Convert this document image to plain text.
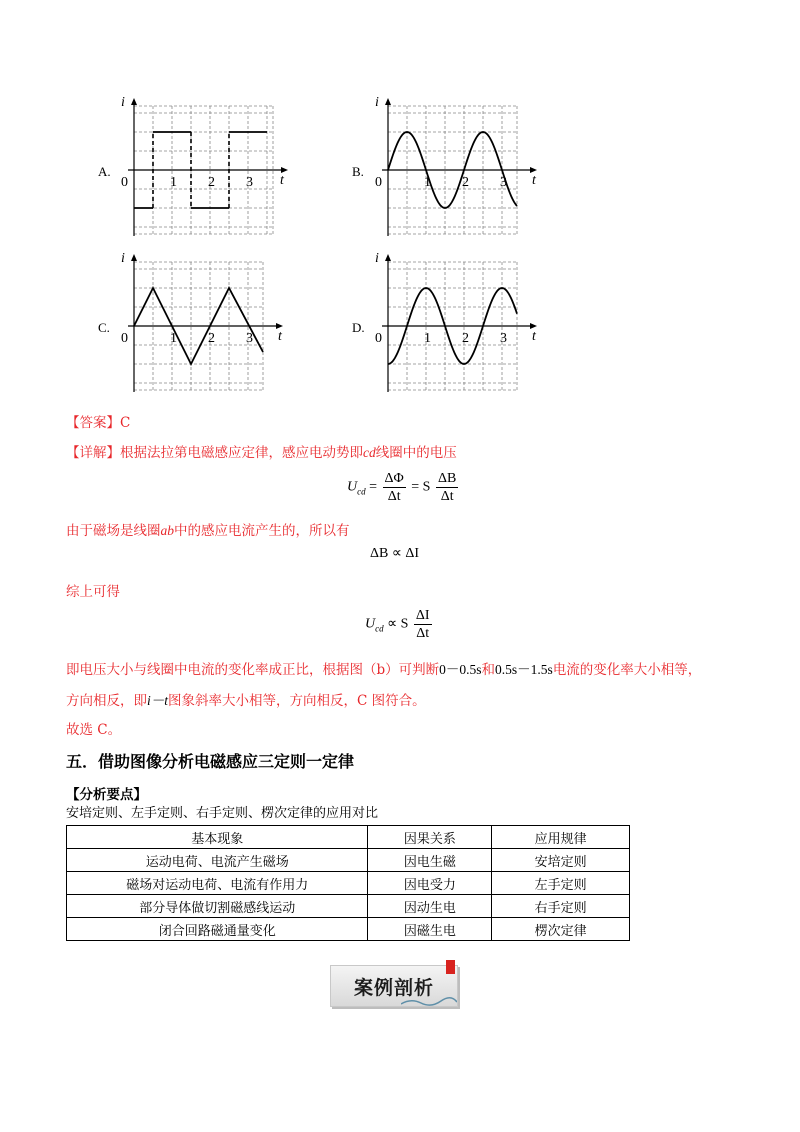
A.
i
t
0	1 2 3
B.
i
t
0	1 2 3
C.
i
t
0	1 2 3
D.
i
t
0	1 2 3
【答案】C
【详解】根据法拉第电磁感应定律，感应电动势即cd线圈中的电压
$U_{cd} = \frac{\Delta\Phi}{\Delta t} = S \frac{\Delta B}{\Delta t}$
由于磁场是线圈ab中的感应电流产生的，所以有
ΔB ∝ ΔI
综上可得
$U_{cd} \propto S \frac{\Delta I}{\Delta t}$
即电压大小与线圈中电流的变化率成正比，根据图（b）可判断0－0.5s和0.5s－1.5s电流的变化率大小相等，
方向相反，即i－t图象斜率大小相等，方向相反，C 图符合。
故选 C。
五．借助图像分析电磁感应三定则一定律
【分析要点】
安培定则、左手定则、右手定则、楞次定律的应用对比
基本现象	因果关系	应用规律
运动电荷、电流产生磁场	因电生磁	安培定则
磁场对运动电荷、电流有作用力	因电受力	左手定则
部分导体做切割磁感线运动	因动生电	右手定则
闭合回路磁通量变化	因磁生电	楞次定律
案例剖析
